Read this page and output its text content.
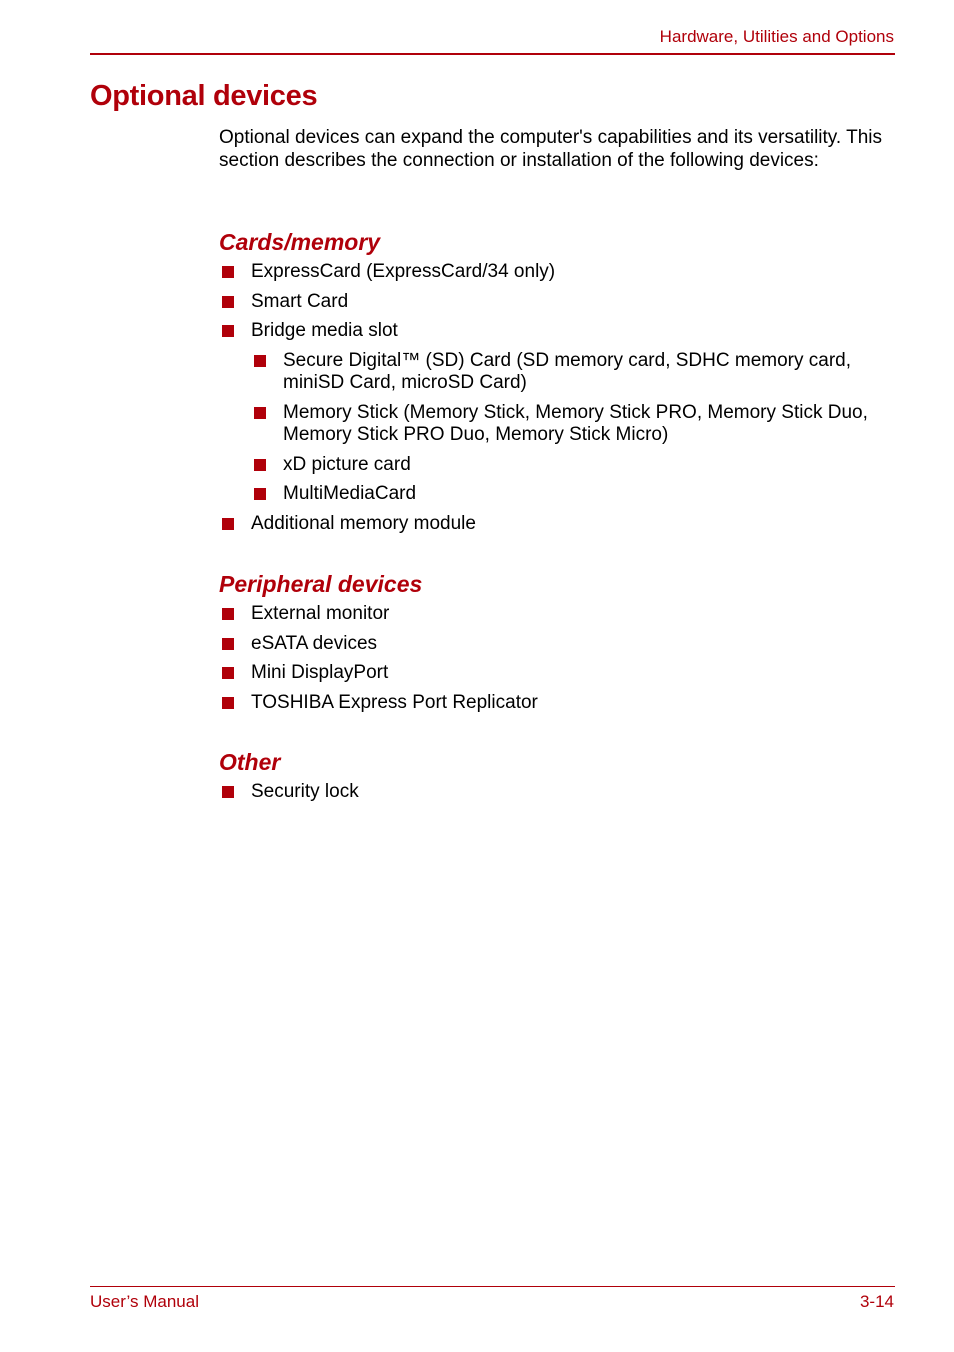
Hardware, Utilities and Options
Optional devices

Optional devices can expand the computer's capabilities and its versatility. This section describes the connection or installation of the following devices:

Cards/memory
ExpressCard (ExpressCard/34 only)
Smart Card
Bridge media slot
Secure Digital™ (SD) Card (SD memory card, SDHC memory card, miniSD Card, microSD Card)
Memory Stick (Memory Stick, Memory Stick PRO, Memory Stick Duo, Memory Stick PRO Duo, Memory Stick Micro)
xD picture card
MultiMediaCard
Additional memory module
Peripheral devices
External monitor
eSATA devices
Mini DisplayPort
TOSHIBA Express Port Replicator
Other
Security lock
User’s Manual	3-14
